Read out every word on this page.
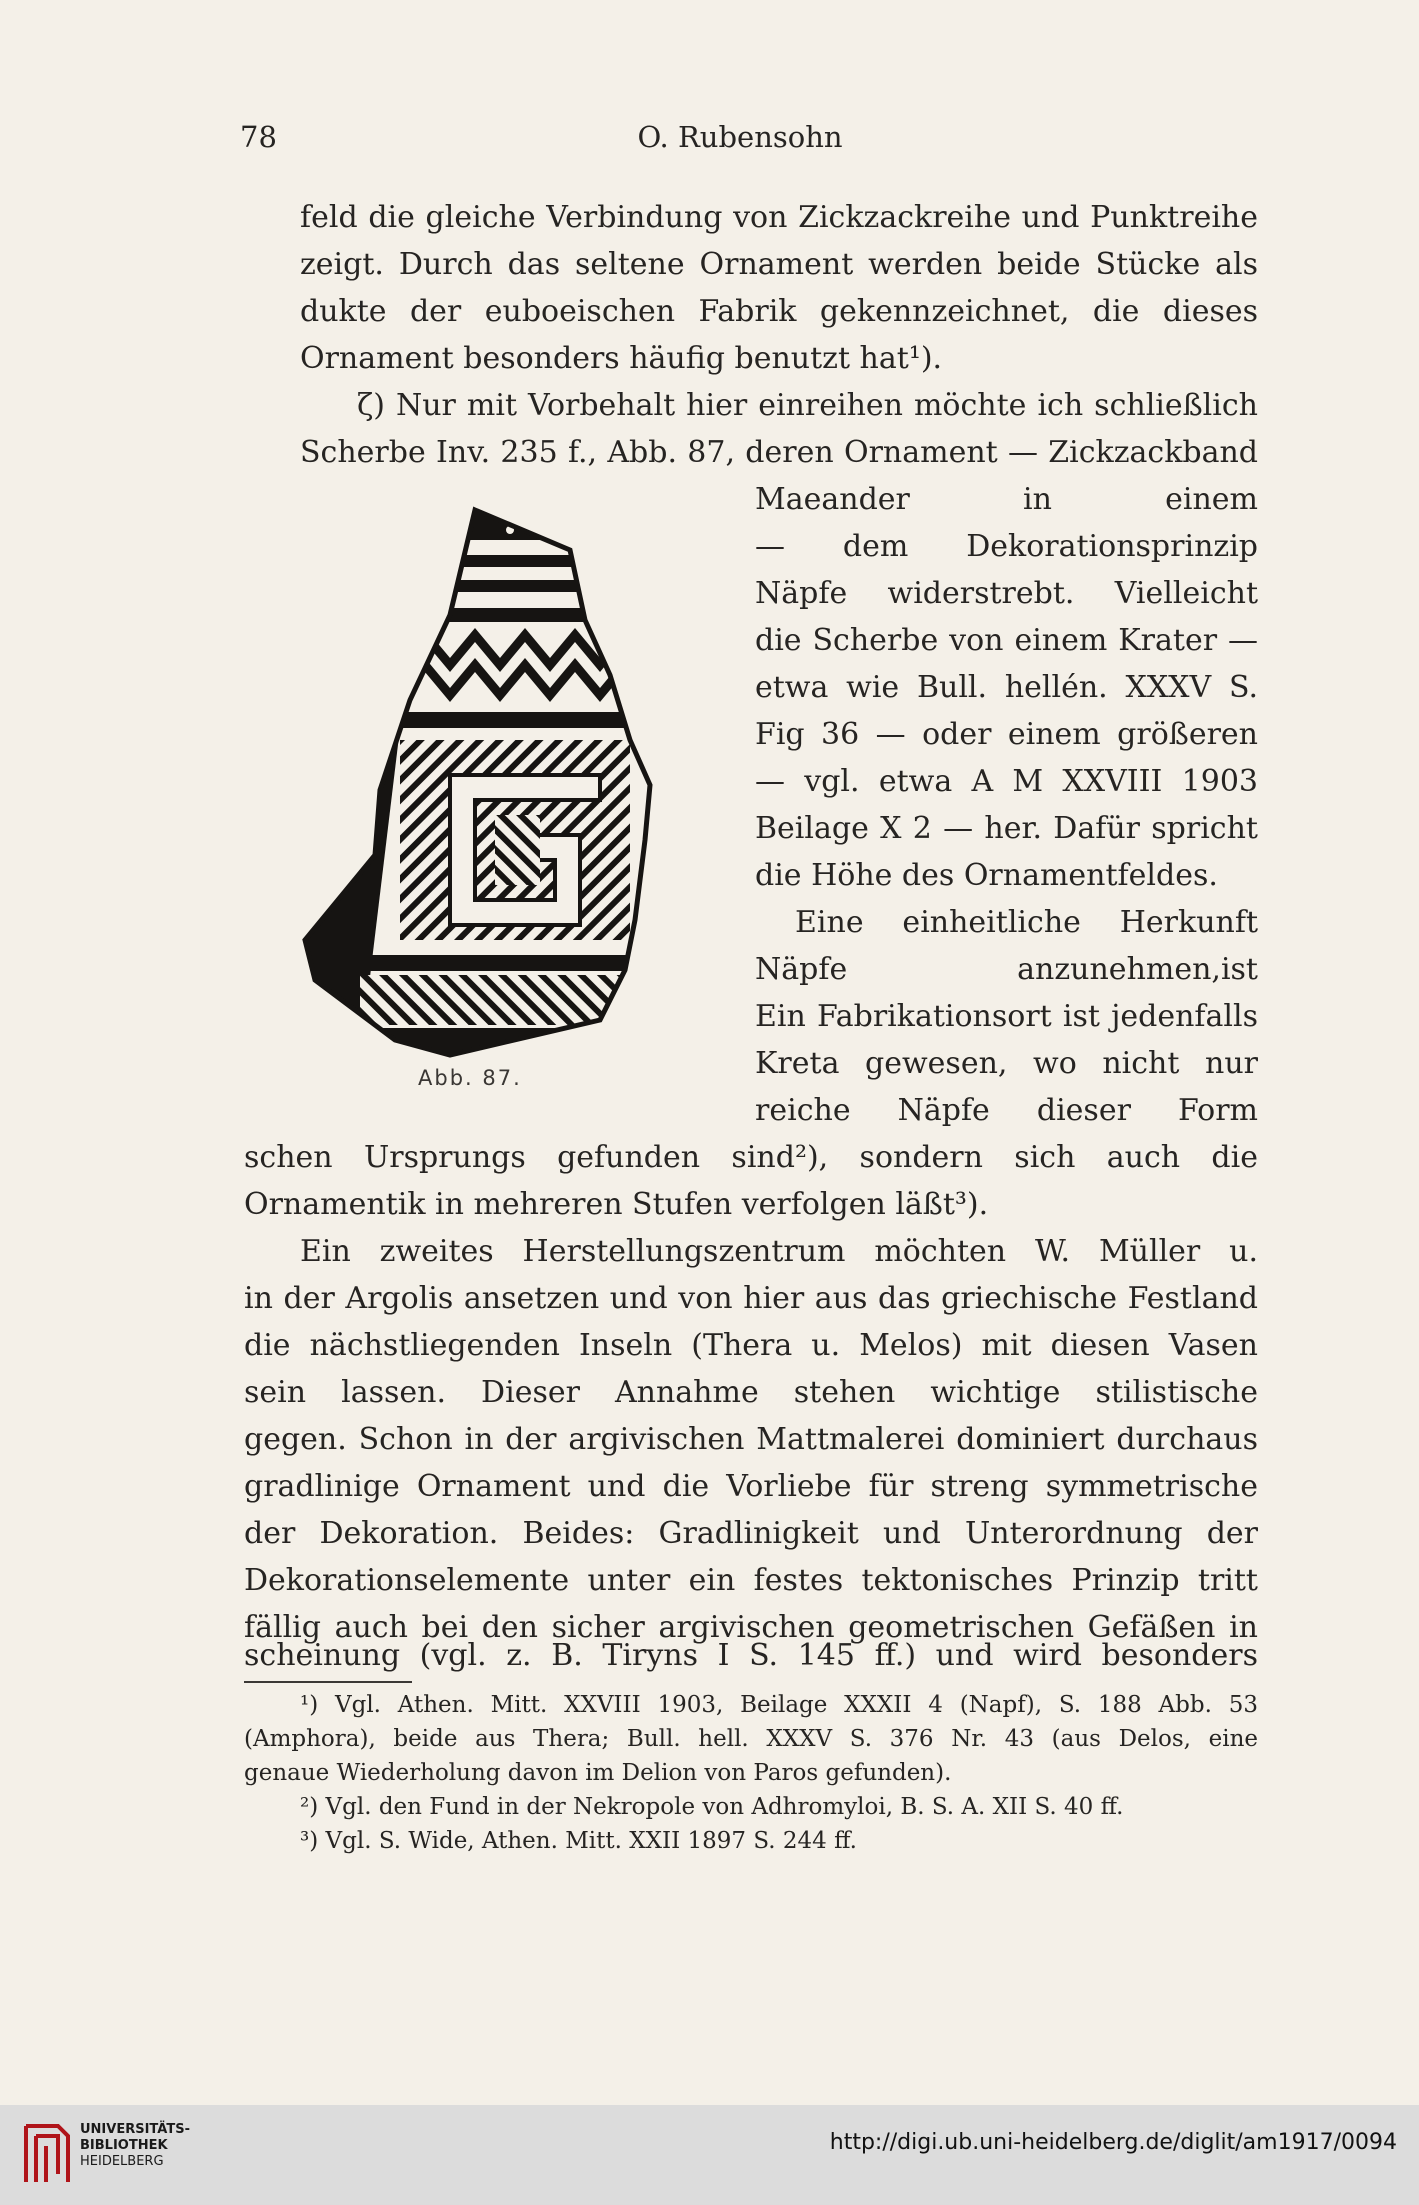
78	O. Rubensohn
feld die gleiche Verbindung von Zickzackreihe und Punktreihe
zeigt. Durch das seltene Ornament werden beide Stücke als
dukte der euboeischen Fabrik gekennzeichnet, die dieses
Ornament besonders häufig benutzt hat¹).
ζ) Nur mit Vorbehalt hier einreihen möchte ich schließlich
Scherbe Inv. 235 f., Abb. 87, deren Ornament — Zickzackband
Maeander in einem
— dem Dekorationsprinzip
Näpfe widerstrebt. Vielleicht
die Scherbe von einem Krater —
etwa wie Bull. hellén. XXXV S.
Fig 36 — oder einem größeren
— vgl. etwa A M XXVIII 1903
Beilage X 2 — her. Dafür spricht
die Höhe des Ornamentfeldes.
Eine einheitliche Herkunft
Näpfe anzunehmen,ist
Ein Fabrikationsort ist jedenfalls
Kreta gewesen, wo nicht nur
reiche Näpfe dieser Form
schen Ursprungs gefunden sind²), sondern sich auch die
Ornamentik in mehreren Stufen verfolgen läßt³).
Ein zweites Herstellungszentrum möchten W. Müller u.
in der Argolis ansetzen und von hier aus das griechische Festland
die nächstliegenden Inseln (Thera u. Melos) mit diesen Vasen
sein lassen. Dieser Annahme stehen wichtige stilistische
gegen. Schon in der argivischen Mattmalerei dominiert durchaus
gradlinige Ornament und die Vorliebe für streng symmetrische
der Dekoration. Beides: Gradlinigkeit und Unterordnung der
Dekorationselemente unter ein festes tektonisches Prinzip tritt
fällig auch bei den sicher argivischen geometrischen Gefäßen in
scheinung (vgl. z. B. Tiryns I S. 145 ff.) und wird besonders
¹) Vgl. Athen. Mitt. XXVIII 1903, Beilage XXXII 4 (Napf), S. 188 Abb. 53
(Amphora), beide aus Thera; Bull. hell. XXXV S. 376 Nr. 43 (aus Delos, eine
genaue Wiederholung davon im Delion von Paros gefunden).
²) Vgl. den Fund in der Nekropole von Adhromyloi, B. S. A. XII S. 40 ff.
³) Vgl. S. Wide, Athen. Mitt. XXII 1897 S. 244 ff.
Abb. 87.
UNIVERSITÄTS-
BIBLIOTHEK
HEIDELBERG
http://digi.ub.uni-heidelberg.de/diglit/am1917/0094
